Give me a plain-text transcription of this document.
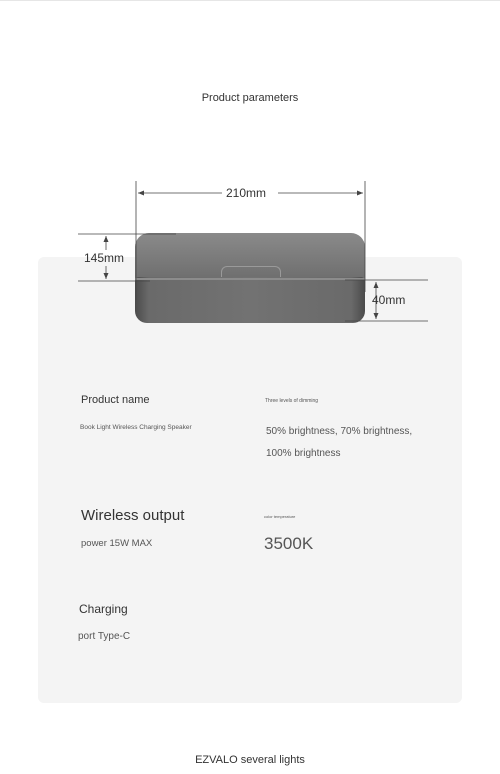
Product parameters
210mm
145mm
40mm
Product name
Book Light Wireless Charging Speaker
Three levels of dimming
50% brightness, 70% brightness, 100% brightness
Wireless output
power 15W MAX
color temperature
3500K
Charging
port Type-C
EZVALO several lights
